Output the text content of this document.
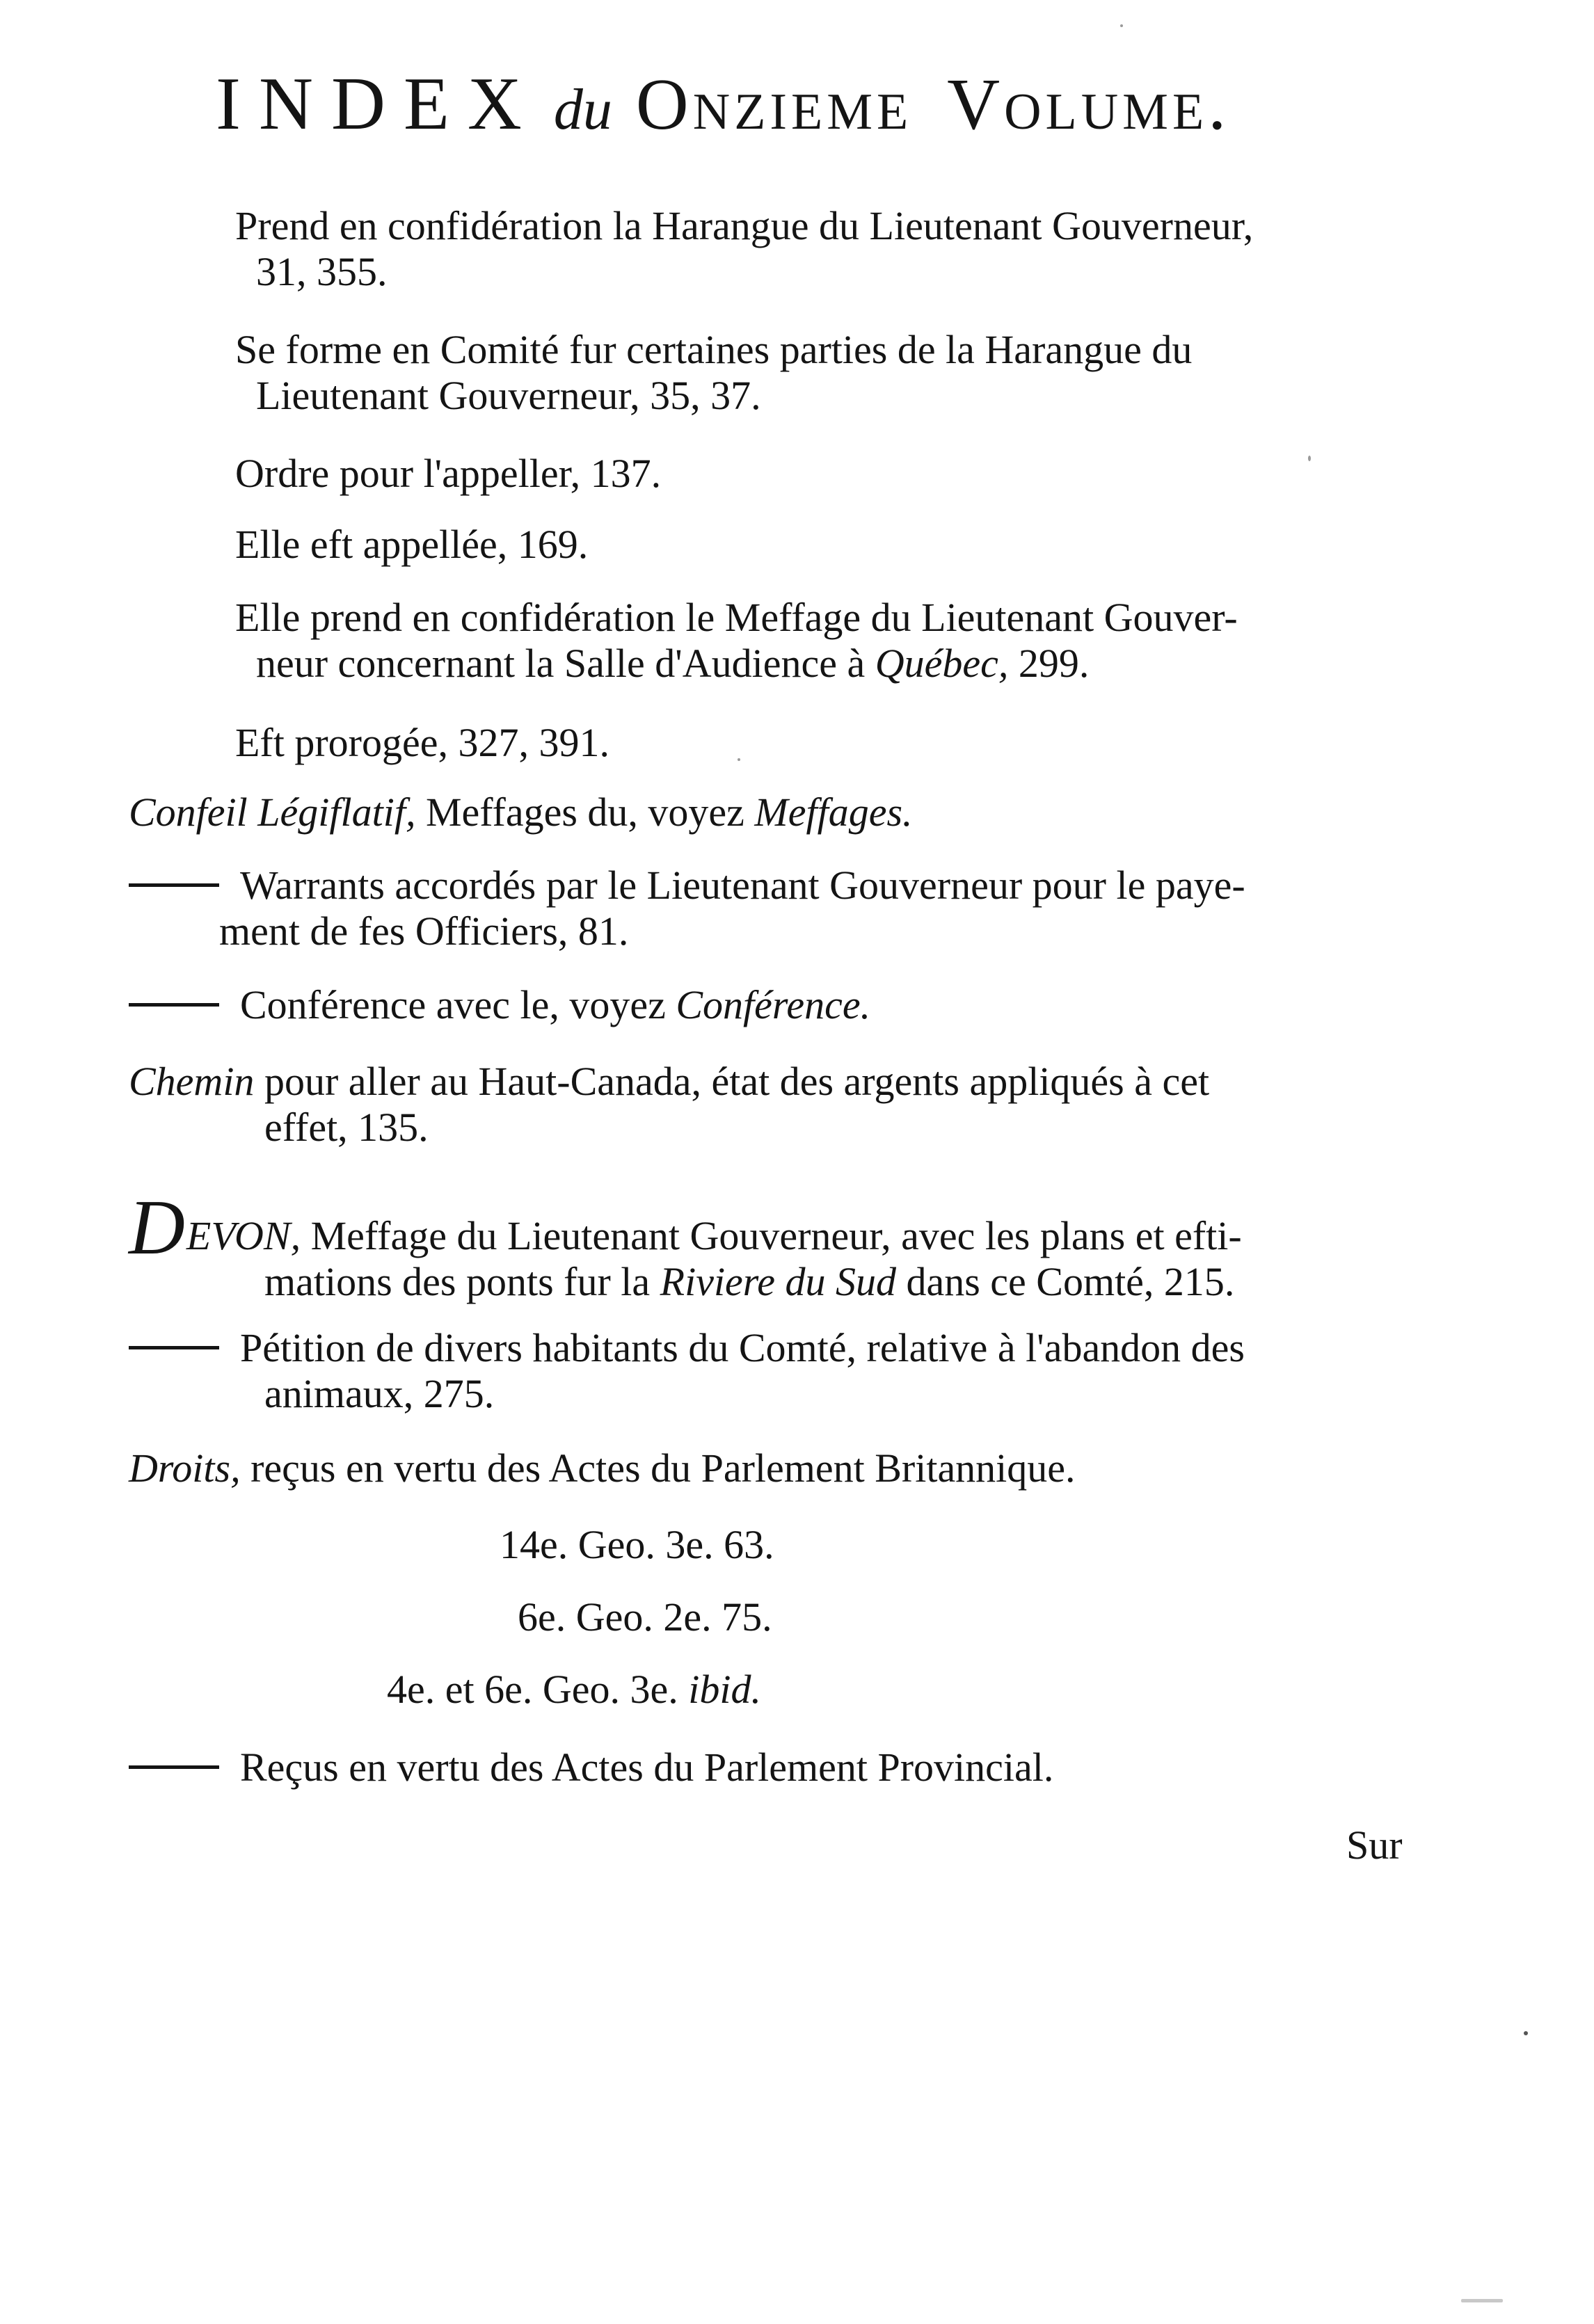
INDEX du Onzieme Volume.
Prend en confidération la Harangue du Lieutenant Gouverneur,
31, 355.
Se forme en Comité fur certaines parties de la Harangue du
Lieutenant Gouverneur, 35, 37.
Ordre pour l'appeller, 137.
Elle eft appellée, 169.
Elle prend en confidération le Meffage du Lieutenant Gouver-
neur concernant la Salle d'Audience à Québec, 299.
Eft prorogée, 327, 391.
Confeil Légiflatif, Meffages du, voyez Meffages.
Warrants accordés par le Lieutenant Gouverneur pour le paye-
ment de fes Officiers, 81.
Conférence avec le, voyez Conférence.
Chemin pour aller au Haut-Canada, état des argents appliqués à cet
effet, 135.
DEVON, Meffage du Lieutenant Gouverneur, avec les plans et efti-
mations des ponts fur la Riviere du Sud dans ce Comté, 215.
Pétition de divers habitants du Comté, relative à l'abandon des
animaux, 275.
Droits, reçus en vertu des Actes du Parlement Britannique.
14e. Geo. 3e. 63.
6e. Geo. 2e. 75.
4e. et 6e. Geo. 3e. ibid.
Reçus en vertu des Actes du Parlement Provincial.
Sur
